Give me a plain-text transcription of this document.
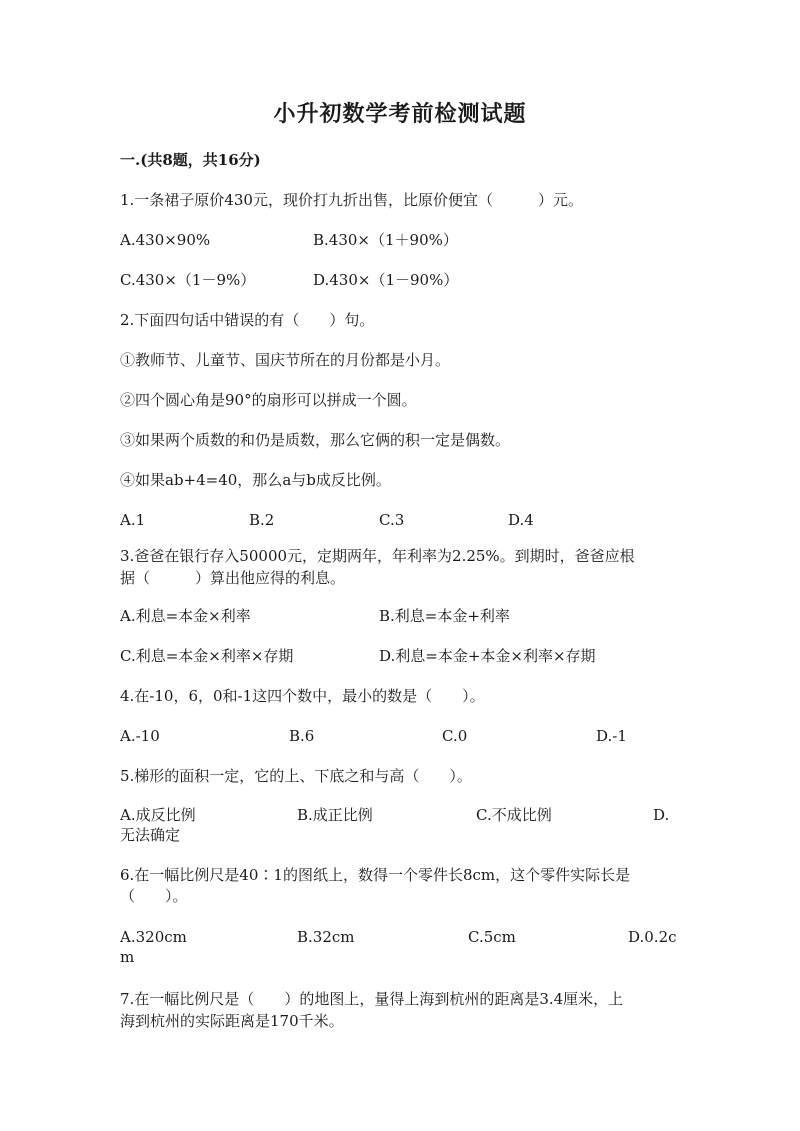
小升初数学考前检测试题
一.(共8题，共16分)
1.一条裙子原价430元，现价打九折出售，比原价便宜（　　　）元。
A.430×90%	B.430×（1＋90%）
C.430×（1－9%）	D.430×（1－90%）
2.下面四句话中错误的有（　　）句。
①教师节、儿童节、国庆节所在的月份都是小月。
②四个圆心角是90°的扇形可以拼成一个圆。
③如果两个质数的和仍是质数，那么它俩的积一定是偶数。
④如果ab+4=40，那么a与b成反比例。
A.1	B.2	C.3	D.4
3.爸爸在银行存入50000元，定期两年，年利率为2.25%。到期时，爸爸应根
据（　　　）算出他应得的利息。
A.利息=本金×利率	B.利息=本金+利率
C.利息=本金×利率×存期	D.利息=本金+本金×利率×存期
4.在-10，6，0和-1这四个数中，最小的数是（　　）。
A.-10	B.6	C.0	D.-1
5.梯形的面积一定，它的上、下底之和与高（　　）。
A.成反比例	B.成正比例	C.不成比例	D.
无法确定
6.在一幅比例尺是40∶1的图纸上，数得一个零件长8cm，这个零件实际长是
（　　）。
A.320cm	B.32cm	C.5cm	D.0.2c
m
7.在一幅比例尺是（　　）的地图上，量得上海到杭州的距离是3.4厘米，上
海到杭州的实际距离是170千米。
